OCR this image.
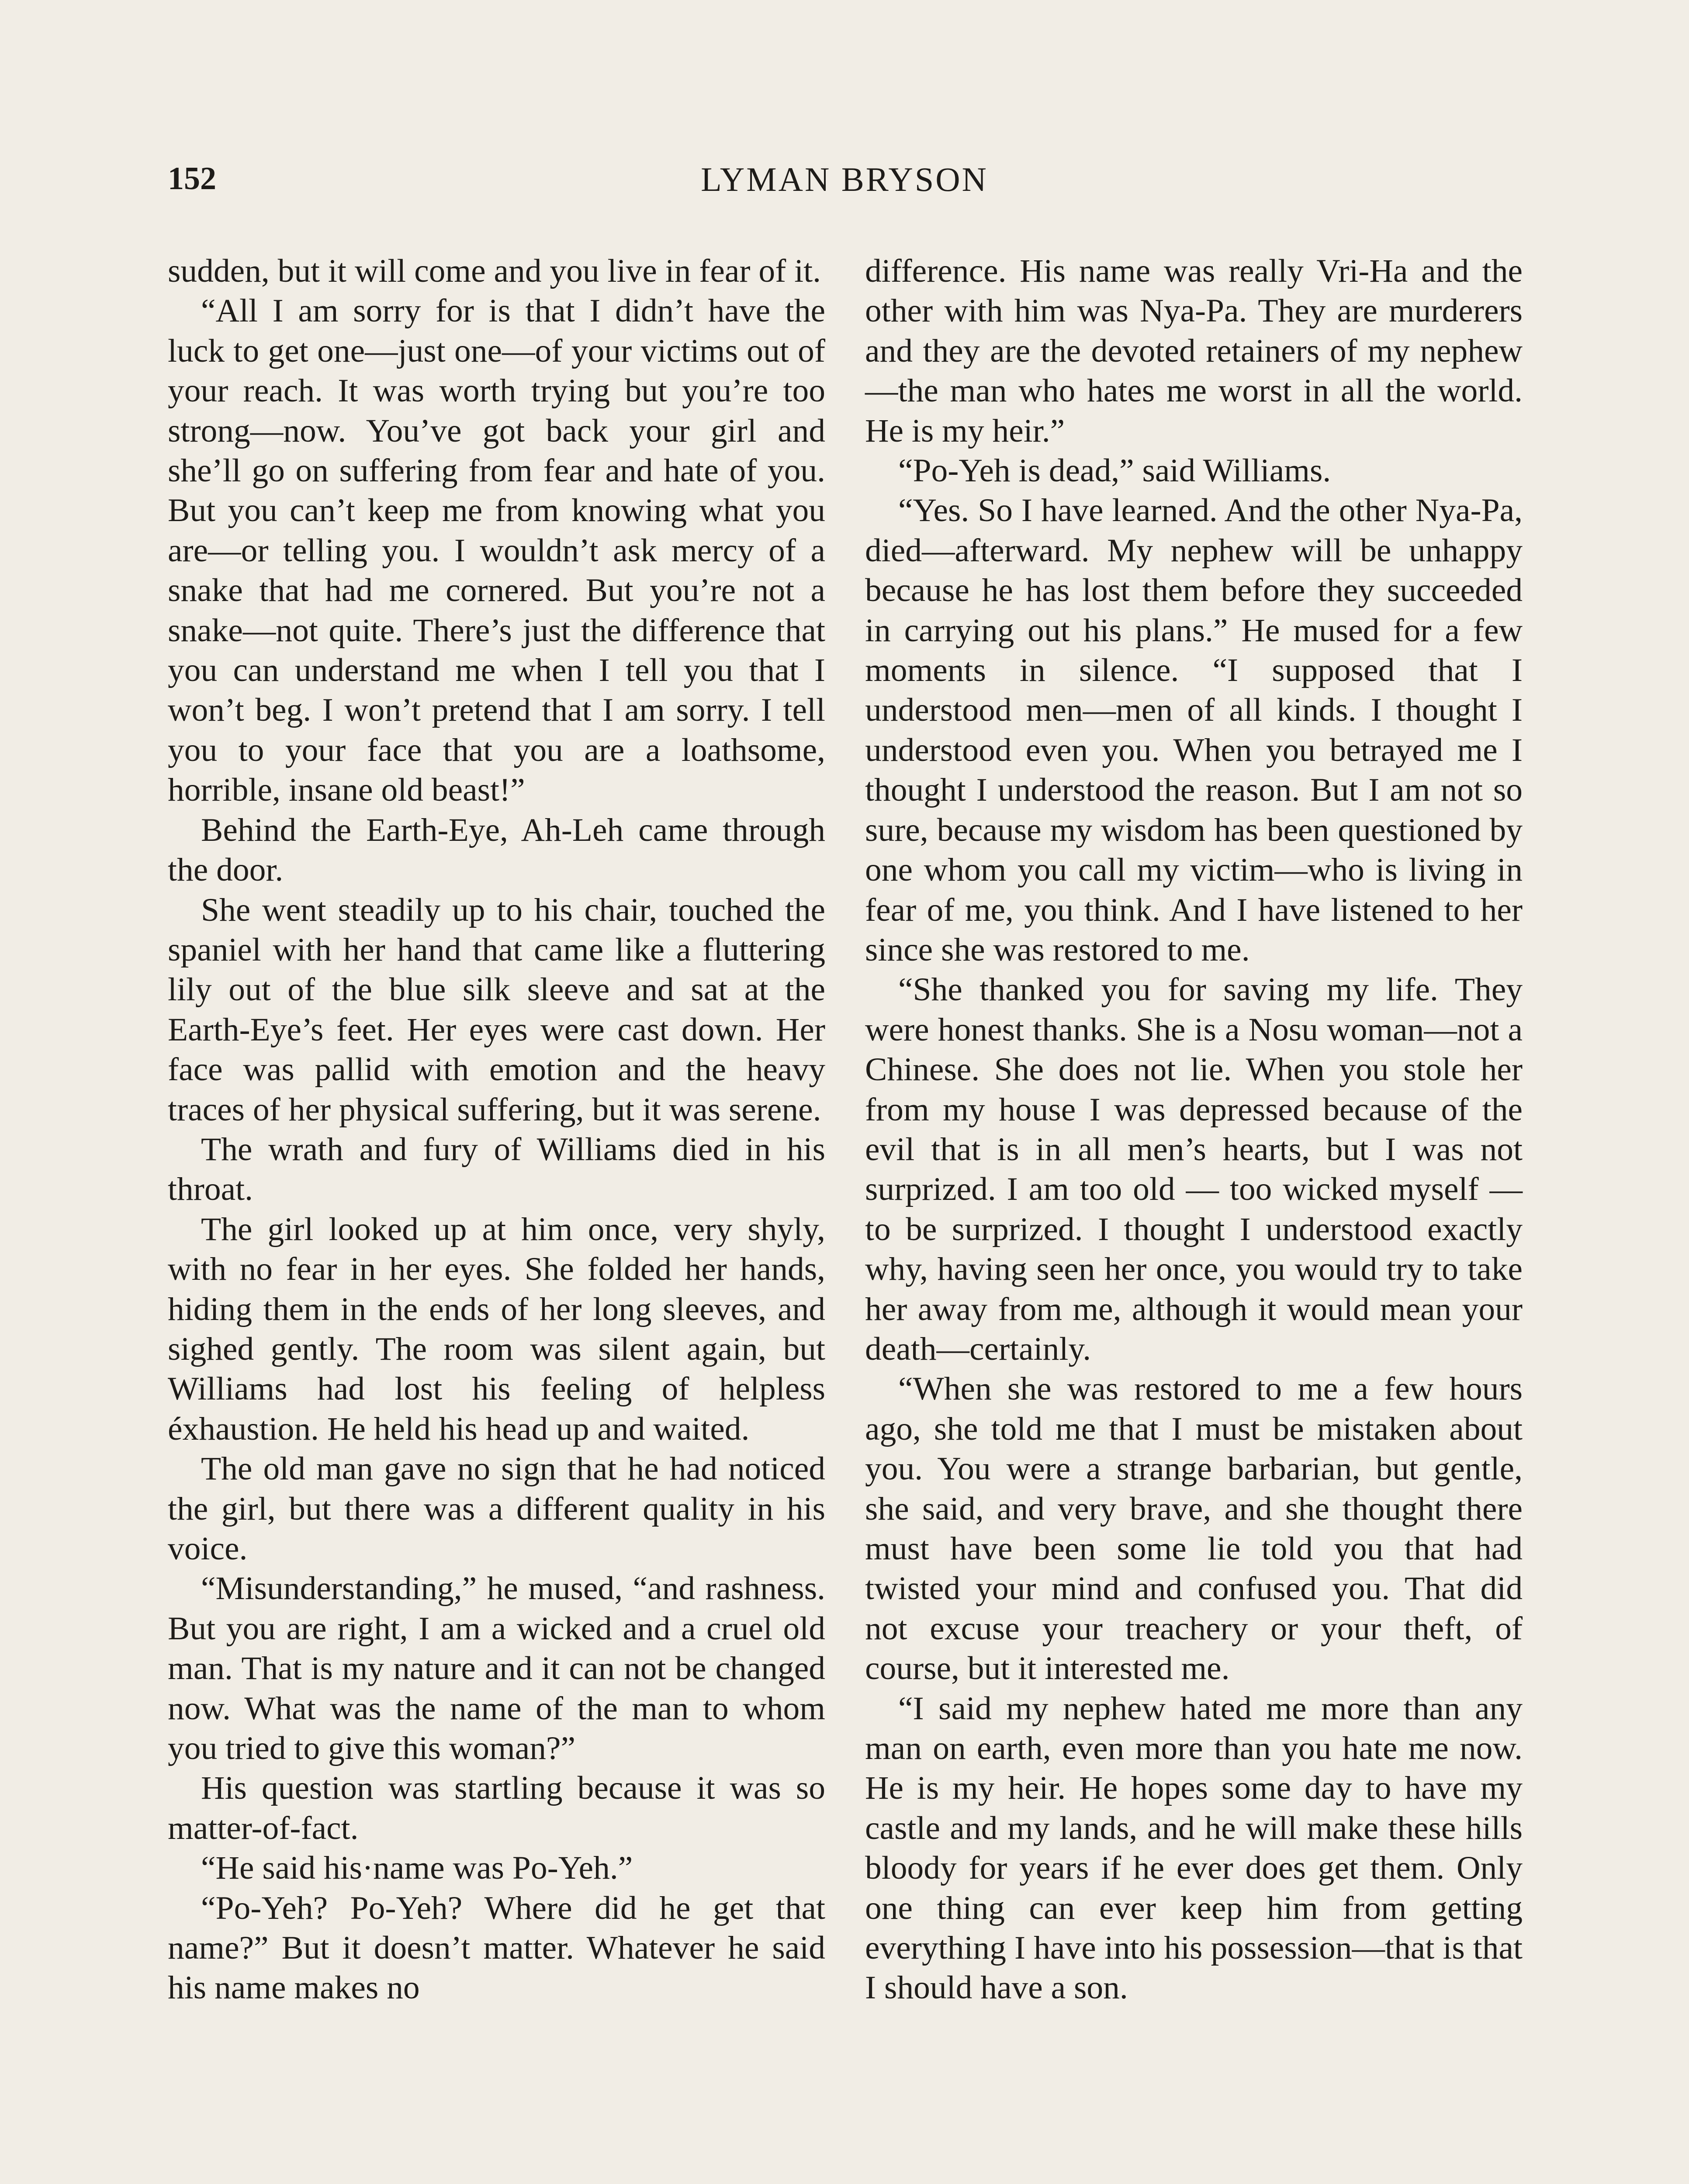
152	LYMAN BRYSON

sudden, but it will come and you live in fear of it.

“All I am sorry for is that I didn’t have the luck to get one—just one—of your victims out of your reach. It was worth trying but you’re too strong—now. You’ve got back your girl and she’ll go on suffering from fear and hate of you. But you can’t keep me from knowing what you are—or telling you. I wouldn’t ask mercy of a snake that had me cornered. But you’re not a snake—not quite. There’s just the difference that you can understand me when I tell you that I won’t beg. I won’t pretend that I am sorry. I tell you to your face that you are a loathsome, horrible, insane old beast!”

Behind the Earth-Eye, Ah-Leh came through the door.

She went steadily up to his chair, touched the spaniel with her hand that came like a fluttering lily out of the blue silk sleeve and sat at the Earth-Eye’s feet. Her eyes were cast down. Her face was pallid with emotion and the heavy traces of her physical suffering, but it was serene.

The wrath and fury of Williams died in his throat.

The girl looked up at him once, very shyly, with no fear in her eyes. She folded her hands, hiding them in the ends of her long sleeves, and sighed gently. The room was silent again, but Williams had lost his feeling of helpless éxhaustion. He held his head up and waited.

The old man gave no sign that he had noticed the girl, but there was a different quality in his voice.

“Misunderstanding,” he mused, “and rashness. But you are right, I am a wicked and a cruel old man. That is my nature and it can not be changed now. What was the name of the man to whom you tried to give this woman?”

His question was startling because it was so matter-of-fact.

“He said his·name was Po-Yeh.”

“Po-Yeh? Po-Yeh? Where did he get that name?” But it doesn’t matter. Whatever he said his name makes no

difference. His name was really Vri-Ha and the other with him was Nya-Pa. They are murderers and they are the devoted retainers of my nephew—the man who hates me worst in all the world. He is my heir.”

“Po-Yeh is dead,” said Williams.

“Yes. So I have learned. And the other Nya-Pa, died—afterward. My nephew will be unhappy because he has lost them before they succeeded in carrying out his plans.” He mused for a few moments in silence. “I supposed that I understood men—men of all kinds. I thought I understood even you. When you betrayed me I thought I understood the reason. But I am not so sure, because my wisdom has been questioned by one whom you call my victim—who is living in fear of me, you think. And I have listened to her since she was restored to me.

“She thanked you for saving my life. They were honest thanks. She is a Nosu woman—not a Chinese. She does not lie. When you stole her from my house I was depressed because of the evil that is in all men’s hearts, but I was not surprized. I am too old — too wicked myself — to be surprized. I thought I understood exactly why, having seen her once, you would try to take her away from me, although it would mean your death—certainly.

“When she was restored to me a few hours ago, she told me that I must be mistaken about you. You were a strange barbarian, but gentle, she said, and very brave, and she thought there must have been some lie told you that had twisted your mind and confused you. That did not excuse your treachery or your theft, of course, but it interested me.

“I said my nephew hated me more than any man on earth, even more than you hate me now. He is my heir. He hopes some day to have my castle and my lands, and he will make these hills bloody for years if he ever does get them. Only one thing can ever keep him from getting everything I have into his possession—that is that I should have a son.
